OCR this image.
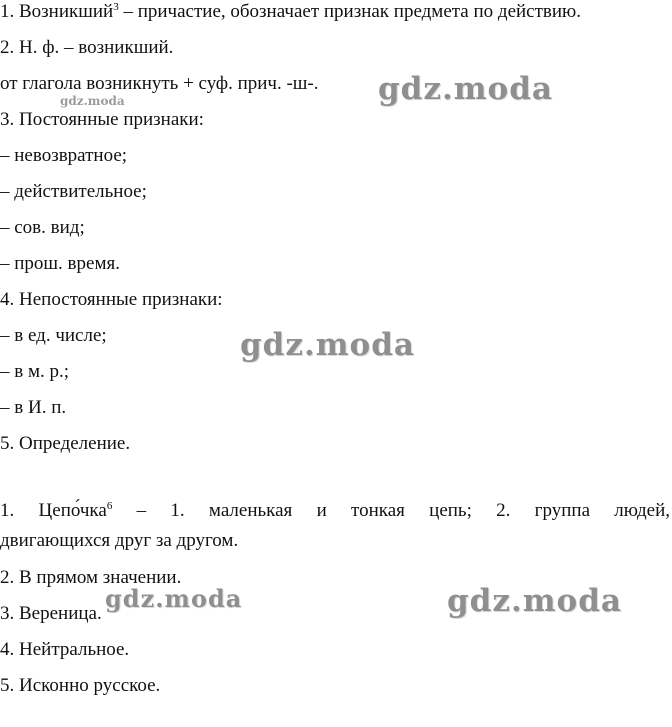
1. Возникший$^3$ – причастие, обозначает признак предмета по действию.
2. Н. ф. – возникший.
от глагола возникнуть + суф. прич. -ш-.
3. Постоянные признаки:
– невозвратное;
– действительное;
– сов. вид;
– прош. время.
4. Непостоянные признаки:
– в ед. числе;
– в м. р.;
– в И. п.
5. Определение.
1. Цепо́чка$^6$ – 1. маленькая и тонкая цепь; 2. группа людей,
двигающихся друг за другом.
2. В прямом значении.
3. Вереница.
4. Нейтральное.
5. Исконно русское.
gdz.moda
gdz.moda
gdz.moda
gdz.moda	gdz.moda
